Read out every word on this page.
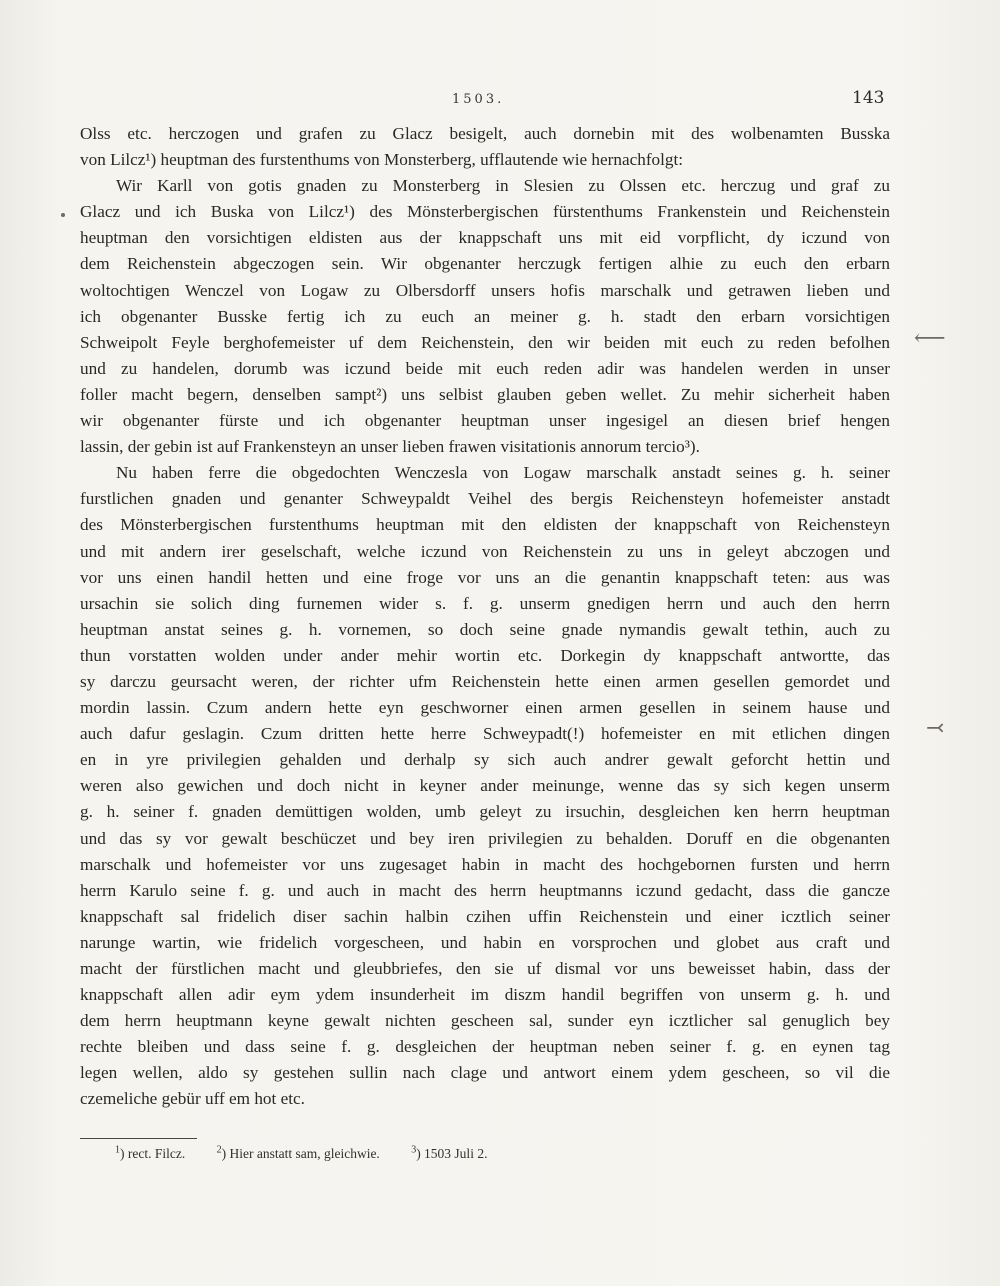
1503.	143
⟵
⤙
Olss etc. herczogen und grafen zu Glacz besigelt, auch dornebin mit des wolbenamten Busska
von Lilcz¹) heuptman des furstenthums von Monsterberg, ufflautende wie hernachfolgt:
Wir Karll von gotis gnaden zu Monsterberg in Slesien zu Olssen etc. herczug und graf zu
Glacz und ich Buska von Lilcz¹) des Mönsterbergischen fürstenthums Frankenstein und Reichenstein
heuptman den vorsichtigen eldisten aus der knappschaft uns mit eid vorpflicht, dy iczund von
dem Reichenstein abgeczogen sein. Wir obgenanter herczugk fertigen alhie zu euch den erbarn
woltochtigen Wenczel von Logaw zu Olbersdorff unsers hofis marschalk und getrawen lieben und
ich obgenanter Busske fertig ich zu euch an meiner g. h. stadt den erbarn vorsichtigen
Schweipolt Feyle berghofemeister uf dem Reichenstein, den wir beiden mit euch zu reden befolhen
und zu handelen, dorumb was iczund beide mit euch reden adir was handelen werden in unser
foller macht begern, denselben sampt²) uns selbist glauben geben wellet. Zu mehir sicherheit haben
wir obgenanter fürste und ich obgenanter heuptman unser ingesigel an diesen brief hengen
lassin, der gebin ist auf Frankensteyn an unser lieben frawen visitationis annorum tercio³).
Nu haben ferre die obgedochten Wenczesla von Logaw marschalk anstadt seines g. h. seiner
furstlichen gnaden und genanter Schweypaldt Veihel des bergis Reichensteyn hofemeister anstadt
des Mönsterbergischen furstenthums heuptman mit den eldisten der knappschaft von Reichensteyn
und mit andern irer geselschaft, welche iczund von Reichenstein zu uns in geleyt abczogen und
vor uns einen handil hetten und eine froge vor uns an die genantin knappschaft teten: aus was
ursachin sie solich ding furnemen wider s. f. g. unserm gnedigen herrn und auch den herrn
heuptman anstat seines g. h. vornemen, so doch seine gnade nymandis gewalt tethin, auch zu
thun vorstatten wolden under ander mehir wortin etc. Dorkegin dy knappschaft antwortte, das
sy darczu geursacht weren, der richter ufm Reichenstein hette einen armen gesellen gemordet und
mordin lassin. Czum andern hette eyn geschworner einen armen gesellen in seinem hause und
auch dafur geslagin. Czum dritten hette herre Schweypadt(!) hofemeister en mit etlichen dingen
en in yre privilegien gehalden und derhalp sy sich auch andrer gewalt geforcht hettin und
weren also gewichen und doch nicht in keyner ander meinunge, wenne das sy sich kegen unserm
g. h. seiner f. gnaden demüttigen wolden, umb geleyt zu irsuchin, desgleichen ken herrn heuptman
und das sy vor gewalt beschüczet und bey iren privilegien zu behalden. Doruff en die obgenanten
marschalk und hofemeister vor uns zugesaget habin in macht des hochgebornen fursten und herrn
herrn Karulo seine f. g. und auch in macht des herrn heuptmanns iczund gedacht, dass die gancze
knappschaft sal fridelich diser sachin halbin czihen uffin Reichenstein und einer icztlich seiner
narunge wartin, wie fridelich vorgescheen, und habin en vorsprochen und globet aus craft und
macht der fürstlichen macht und gleubbriefes, den sie uf dismal vor uns beweisset habin, dass der
knappschaft allen adir eym ydem insunderheit im diszm handil begriffen von unserm g. h. und
dem herrn heuptmann keyne gewalt nichten gescheen sal, sunder eyn icztlicher sal genuglich bey
rechte bleiben und dass seine f. g. desgleichen der heuptman neben seiner f. g. en eynen tag
legen wellen, aldo sy gestehen sullin nach clage und antwort einem ydem gescheen, so vil die
czemeliche gebür uff em hot etc.
$^1$) rect. Filcz.	$^2$) Hier anstatt sam, gleichwie.	$^3$) 1503 Juli 2.
